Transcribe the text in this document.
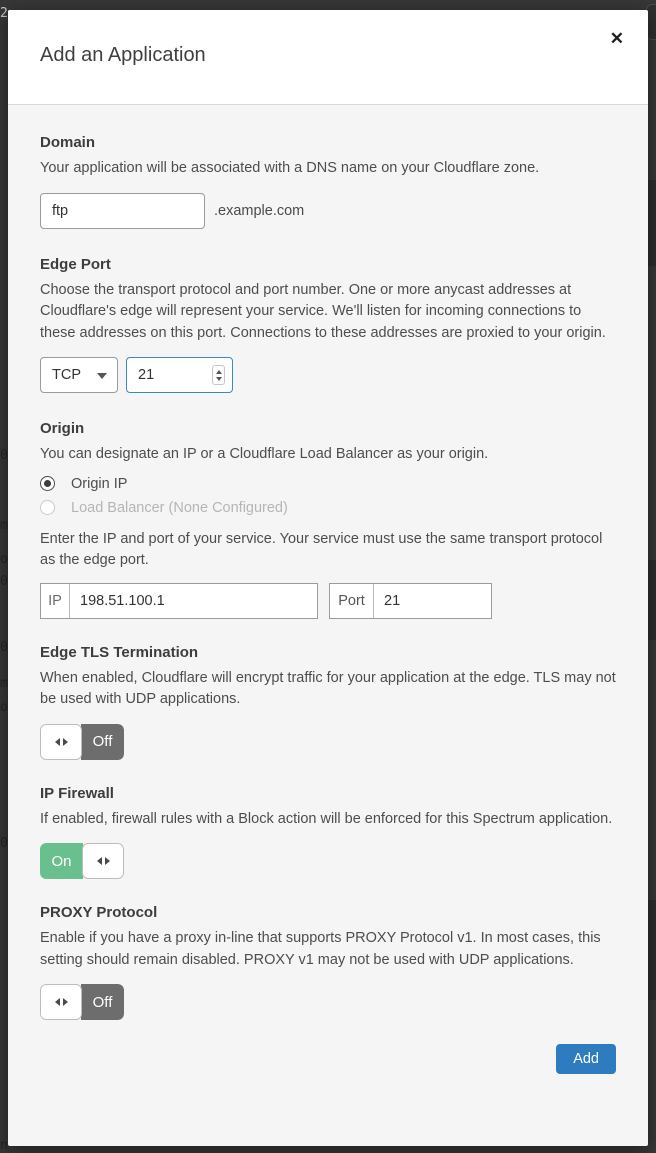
2
0
m
o
0
0
m
o
0
n
Add an Application
✕
Domain
Your application will be associated with a DNS name on your Cloudflare zone.
ftp
.example.com
Edge Port
Choose the transport protocol and port number. One or more anycast addresses at Cloudflare's edge will represent your service. We'll listen for incoming connections to these addresses on this port. Connections to these addresses are proxied to your origin.
TCP
21
Origin
You can designate an IP or a Cloudflare Load Balancer as your origin.
Origin IP
Load Balancer (None Configured)
Enter the IP and port of your service. Your service must use the same transport protocol as the edge port.
IP
198.51.100.1	Port
21
Edge TLS Termination
When enabled, Cloudflare will encrypt traffic for your application at the edge. TLS may not be used with UDP applications.
Off
IP Firewall
If enabled, firewall rules with a Block action will be enforced for this Spectrum application.
On
PROXY Protocol
Enable if you have a proxy in-line that supports PROXY Protocol v1. In most cases, this setting should remain disabled. PROXY v1 may not be used with UDP applications.
Off
Add
